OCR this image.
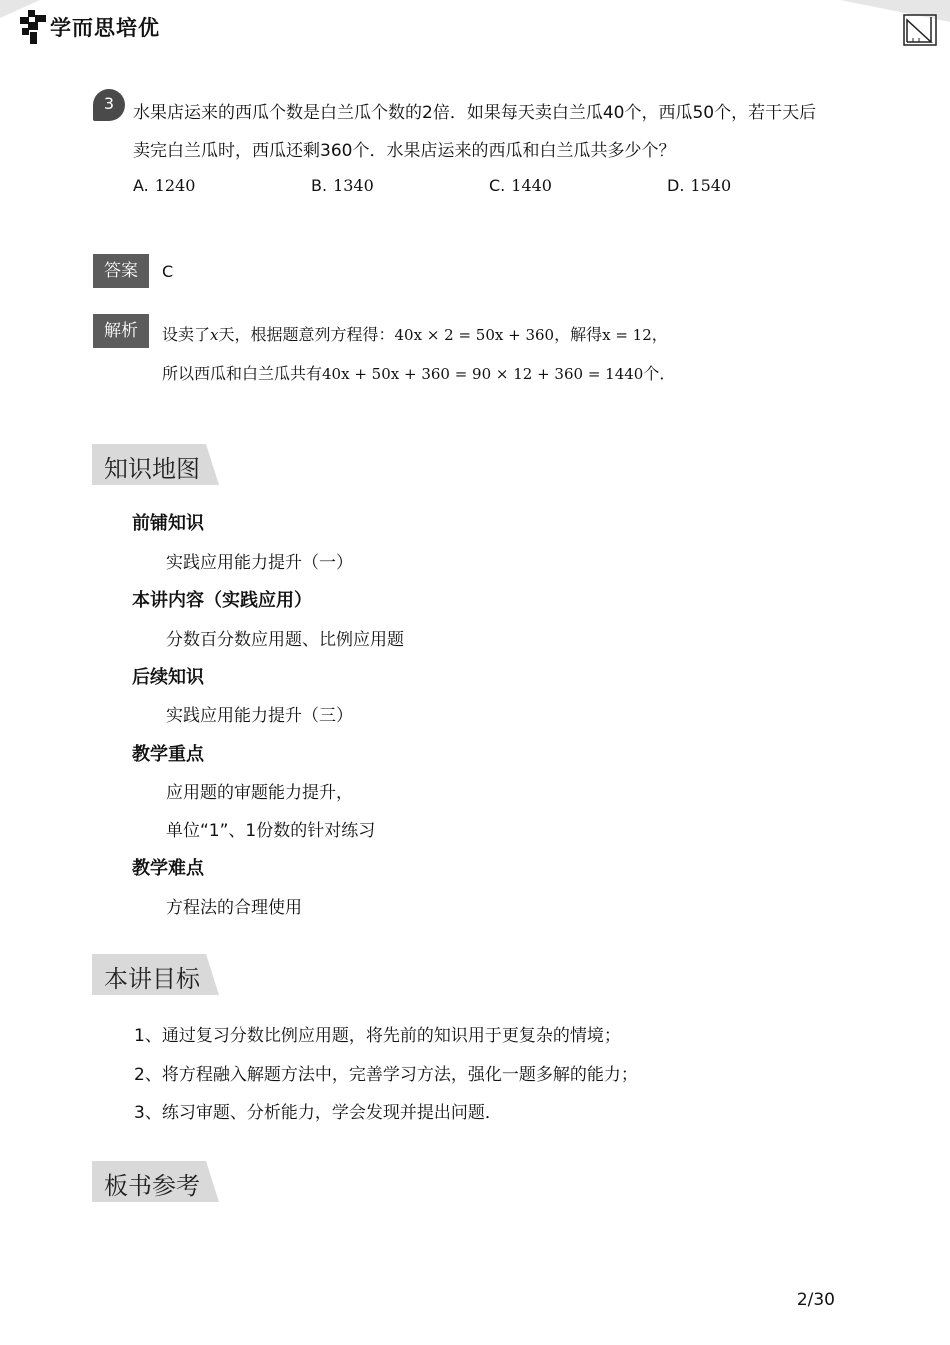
学而思培优
3	水果店运来的西瓜个数是白兰瓜个数的2倍．如果每天卖白兰瓜40个，西瓜50个，若干天后
卖完白兰瓜时，西瓜还剩360个．水果店运来的西瓜和白兰瓜共多少个？
A. 1240	B. 1340	C. 1440	D. 1540
答案	C
解析	设卖了x天，根据题意列方程得：40x × 2 = 50x + 360，解得x = 12，
所以西瓜和白兰瓜共有40x + 50x + 360 = 90 × 12 + 360 = 1440个．
知识地图
前铺知识
实践应用能力提升（一）
本讲内容（实践应用）
分数百分数应用题、比例应用题
后续知识
实践应用能力提升（三）
教学重点
应用题的审题能力提升，
单位“1”、1份数的针对练习
教学难点
方程法的合理使用
本讲目标
1、通过复习分数比例应用题，将先前的知识用于更复杂的情境；
2、将方程融入解题方法中，完善学习方法，强化一题多解的能力；
3、练习审题、分析能力，学会发现并提出问题．
板书参考
2/30
